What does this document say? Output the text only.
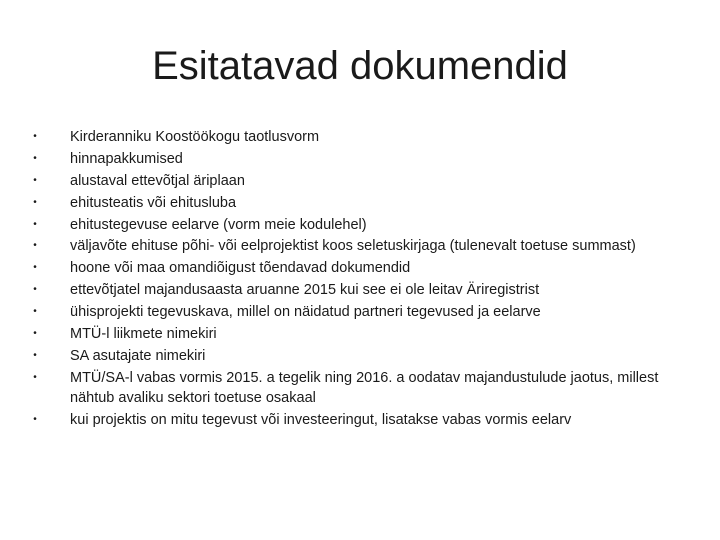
Esitatavad dokumendid
• Kirderanniku Koostöökogu taotlusvorm
• hinnapakkumised
• alustaval ettevõtjal äriplaan
• ehitusteatis või ehitusluba
• ehitustegevuse eelarve (vorm meie kodulehel)
• väljavõte ehituse põhi- või eelprojektist koos seletuskirjaga (tulenevalt toetuse summast)
• hoone või maa omandiõigust tõendavad dokumendid
• ettevõtjatel majandusaasta aruanne 2015 kui see ei ole leitav Äriregistrist
• ühisprojekti tegevuskava, millel on näidatud partneri tegevused ja eelarve
• MTÜ-l liikmete nimekiri
• SA asutajate nimekiri
• MTÜ/SA-l vabas vormis 2015. a tegelik ning 2016. a oodatav majandustulude jaotus, millest nähtub avaliku sektori toetuse osakaal
• kui projektis on mitu tegevust või investeeringut, lisatakse vabas vormis eelarv
